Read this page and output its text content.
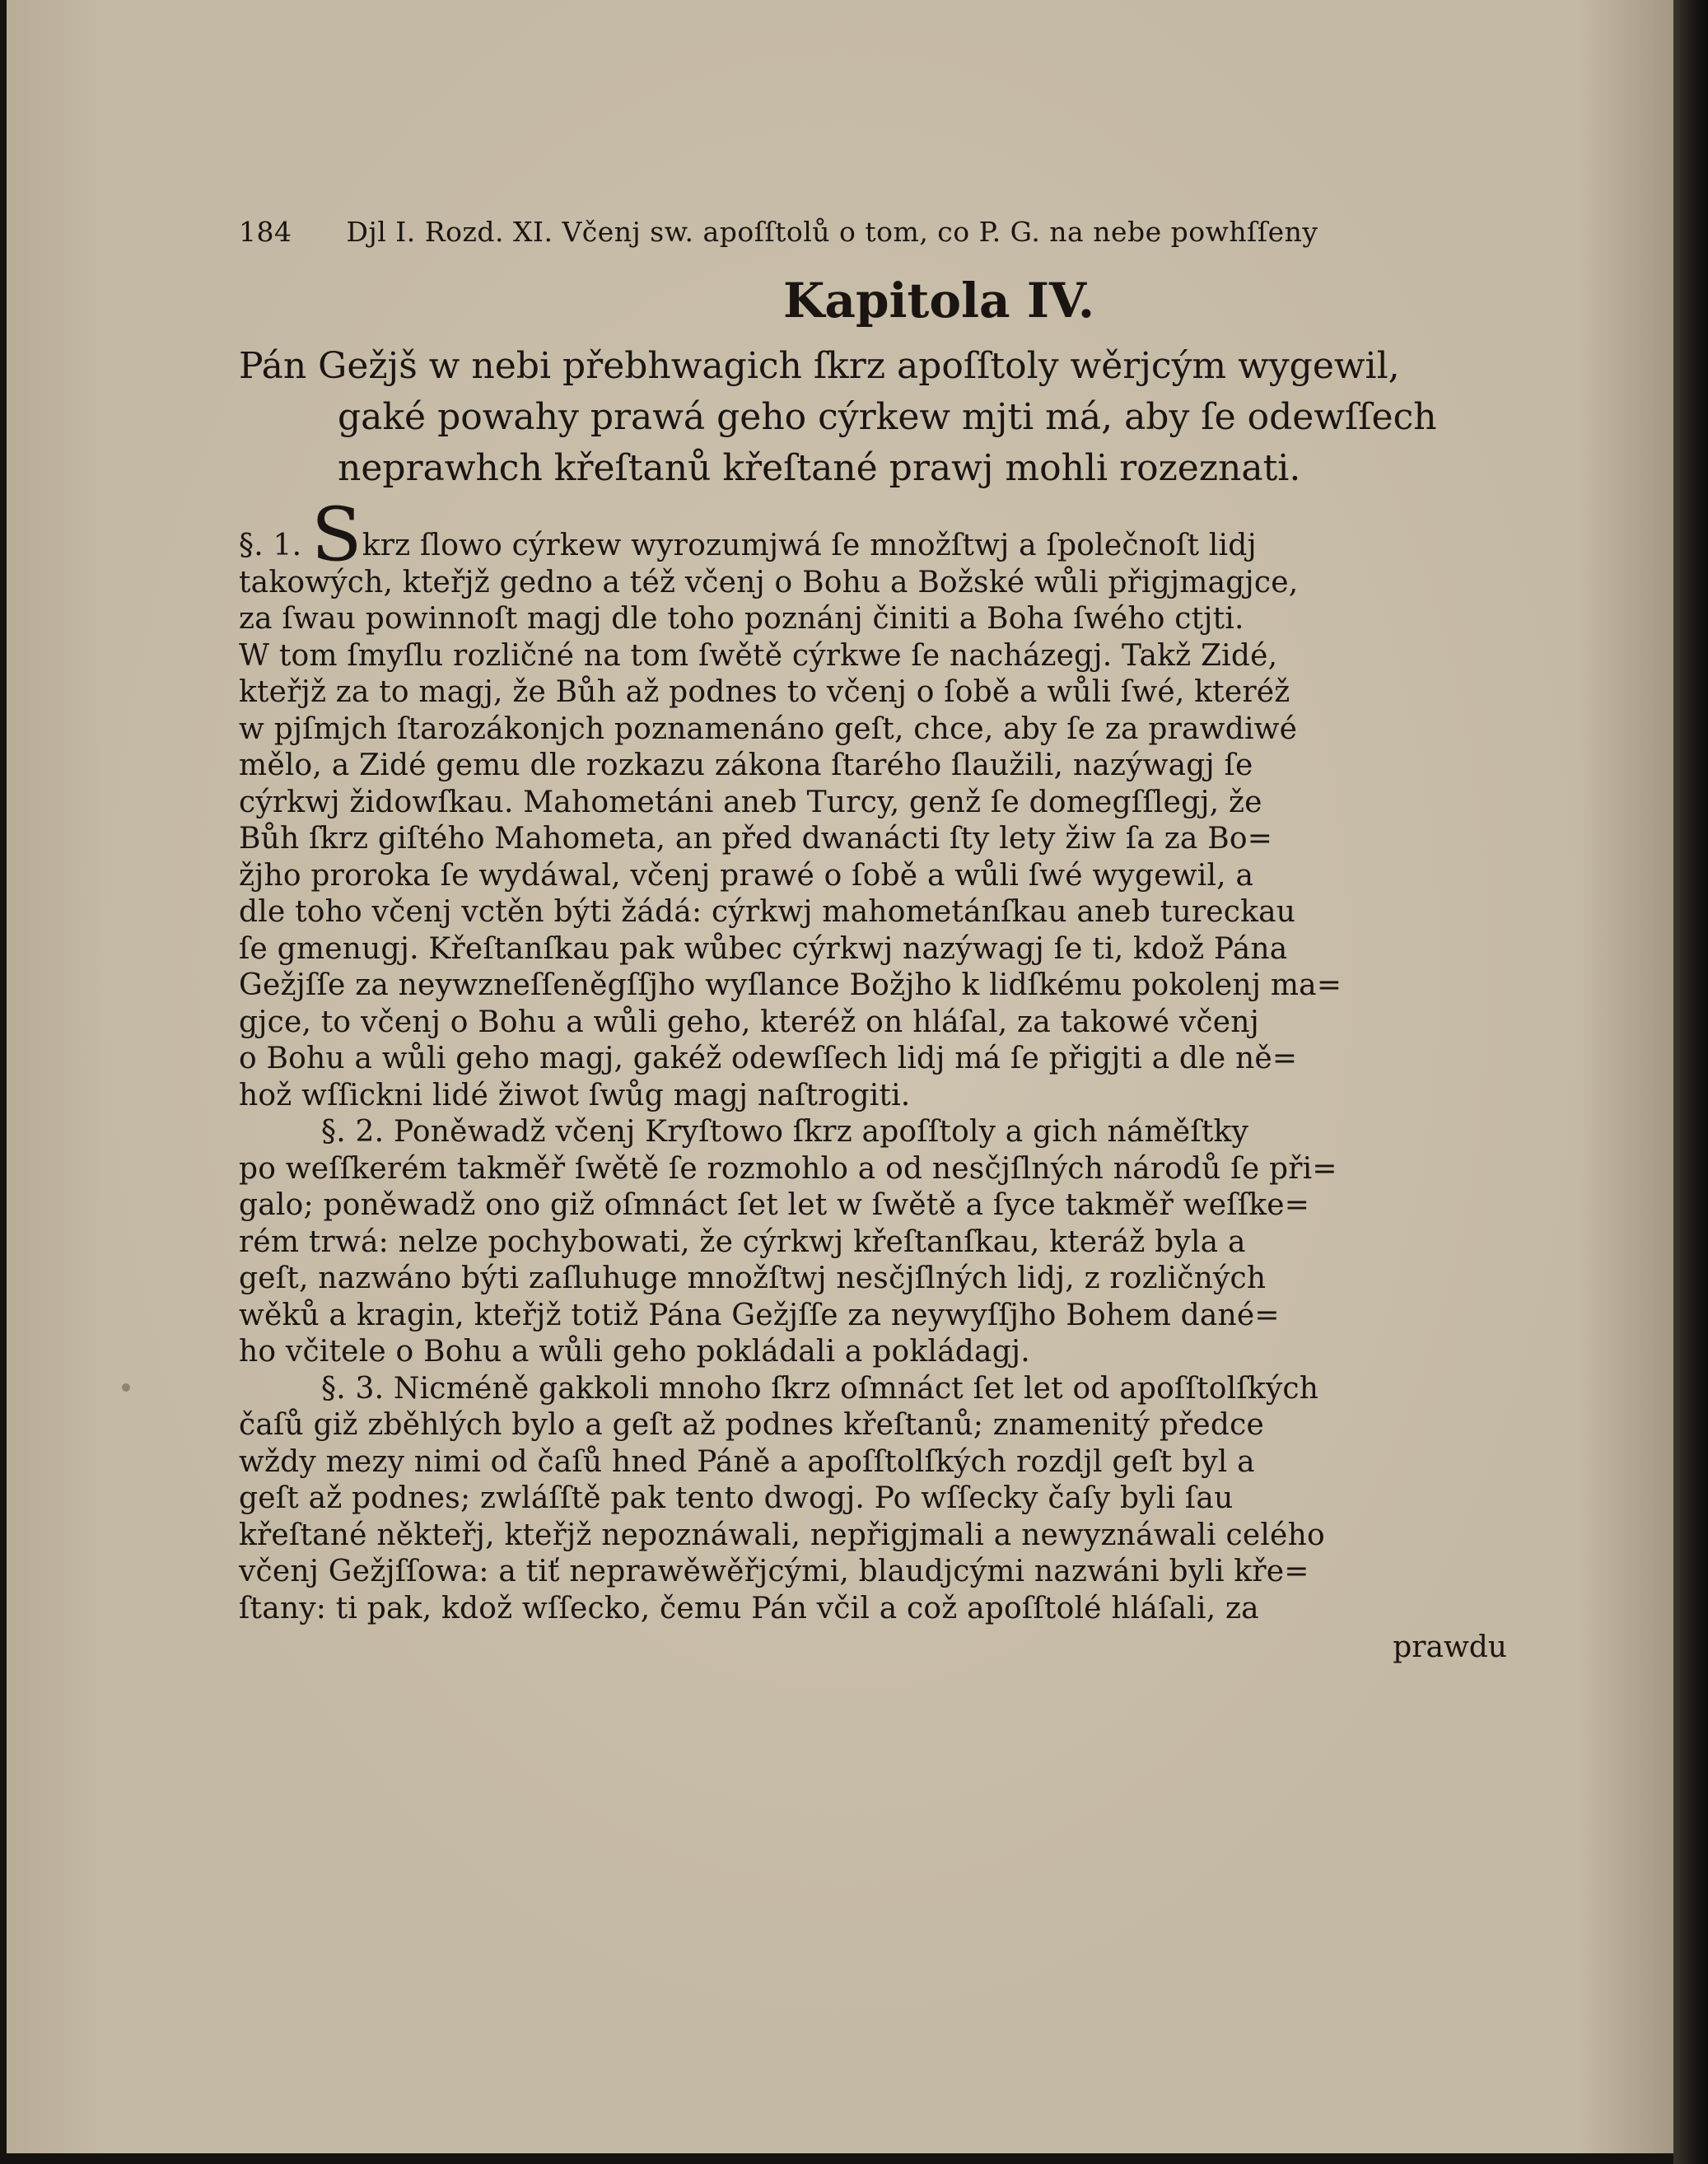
184 Djl I. Rozd. XI. Včenj sw. apoſſtolů o tom, co P. G. na nebe powhſſeny
Kapitola IV.
Pán Gežjš w nebi přebhwagich ſkrz apoſſtoly wěrjcým wygewil,
gaké powahy prawá geho cýrkew mjti má, aby ſe odewſſech
neprawhch křeſtanů křeſtané prawj mohli rozeznati.
§. 1. Skrz ſlowo cýrkew wyrozumjwá ſe množſtwj a ſpolečnoſt lidj
takowých, kteřjž gedno a též včenj o Bohu a Božské wůli přigjmagjce,
za ſwau powinnoſt magj dle toho poznánj činiti a Boha ſwého ctjti.
W tom ſmyſlu rozličné na tom ſwětě cýrkwe ſe nacházegj. Takž Zidé,
kteřjž za to magj, že Bůh až podnes to včenj o ſobě a wůli ſwé, kteréž
w pjſmjch ſtarozákonjch poznamenáno geſt, chce, aby ſe za prawdiwé
mělo, a Zidé gemu dle rozkazu zákona ſtarého ſlaužili, nazýwagj ſe
cýrkwj židowſkau. Mahometáni aneb Turcy, genž ſe domegſſlegj, že
Bůh ſkrz giſtého Mahometa, an před dwanácti ſty lety žiw ſa za Bo=
žjho proroka ſe wydáwal, včenj prawé o ſobě a wůli ſwé wygewil, a
dle toho včenj vctěn býti žádá: cýrkwj mahometánſkau aneb tureckau
ſe gmenugj. Křeſtanſkau pak wůbec cýrkwj nazýwagj ſe ti, kdož Pána
Gežjſſe za neywzneſſeněgſſjho wyſlance Božjho k lidſkému pokolenj ma=
gjce, to včenj o Bohu a wůli geho, kteréž on hláſal, za takowé včenj
o Bohu a wůli geho magj, gakéž odewſſech lidj má ſe přigjti a dle ně=
hož wſſickni lidé žiwot ſwůg magj naſtrogiti.
§. 2. Poněwadž včenj Kryſtowo ſkrz apoſſtoly a gich náměſtky
po weſſkerém takměř ſwětě ſe rozmohlo a od nesčjſlných národů ſe při=
galo; poněwadž ono giž oſmnáct ſet let w ſwětě a ſyce takměř weſſke=
rém trwá: nelze pochybowati, že cýrkwj křeſtanſkau, kteráž byla a
geſt, nazwáno býti zaſluhuge množſtwj nesčjſlných lidj, z rozličných
wěků a kragin, kteřjž totiž Pána Gežjſſe za neywyſſjho Bohem dané=
ho včitele o Bohu a wůli geho pokládali a pokládagj.
§. 3. Nicméně gakkoli mnoho ſkrz oſmnáct ſet let od apoſſtolſkých
čaſů giž zběhlých bylo a geſt až podnes křeſtanů; znamenitý předce
wždy mezy nimi od čaſů hned Páně a apoſſtolſkých rozdjl geſt byl a
geſt až podnes; zwláſſtě pak tento dwogj. Po wſſecky čaſy byli ſau
křeſtané někteřj, kteřjž nepoznáwali, nepřigjmali a newyznáwali celého
včenj Gežjſſowa: a tiť neprawěwěřjcými, blaudjcými nazwáni byli kře=
ſtany: ti pak, kdož wſſecko, čemu Pán včil a což apoſſtolé hláſali, za
prawdu
